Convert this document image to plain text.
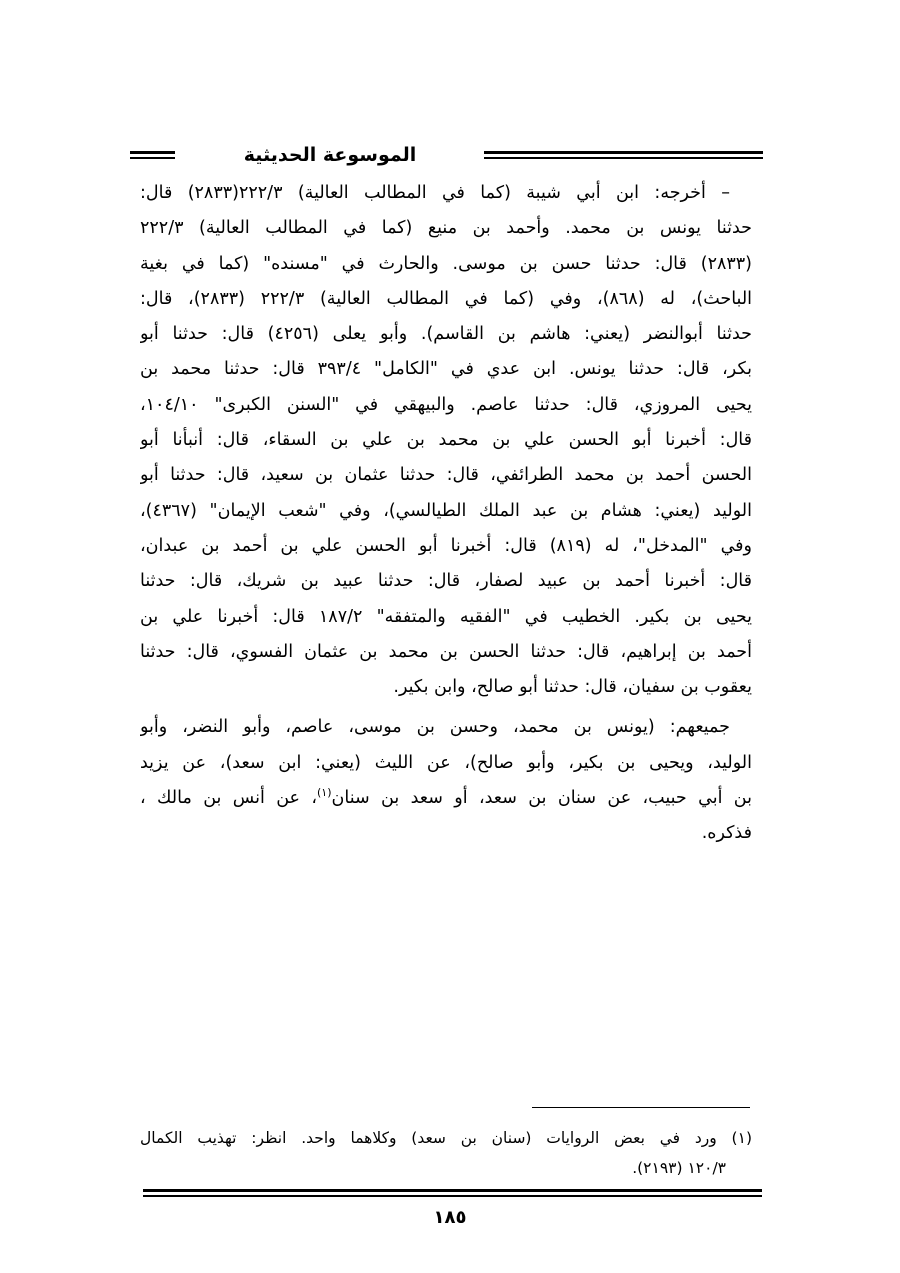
الموسوعة الحديثية
– أخرجه: ابن أبي شيبة (كما في المطالب العالية) ٢٢٢/٣(٢٨٣٣) قال:
حدثنا يونس بن محمد. وأحمد بن منيع (كما في المطالب العالية) ٢٢٢/٣
(٢٨٣٣) قال: حدثنا حسن بن موسى. والحارث في "مسنده" (كما في بغية
الباحث)، له (٨٦٨)، وفي (كما في المطالب العالية) ٢٢٢/٣ (٢٨٣٣)، قال:
حدثنا أبوالنضر (يعني: هاشم بن القاسم). وأبو يعلى (٤٢٥٦) قال: حدثنا أبو
بكر، قال: حدثنا يونس. ابن عدي في "الكامل" ٣٩٣/٤ قال: حدثنا محمد بن
يحيى المروزي، قال: حدثنا عاصم. والبيهقي في "السنن الكبرى" ١٠٤/١٠،
قال: أخبرنا أبو الحسن علي بن محمد بن علي بن السقاء، قال: أنبأنا أبو
الحسن أحمد بن محمد الطرائفي، قال: حدثنا عثمان بن سعيد، قال: حدثنا أبو
الوليد (يعني: هشام بن عبد الملك الطيالسي)، وفي "شعب الإيمان" (٤٣٦٧)،
وفي "المدخل"، له (٨١٩) قال: أخبرنا أبو الحسن علي بن أحمد بن عبدان،
قال: أخبرنا أحمد بن عبيد لصفار، قال: حدثنا عبيد بن شريك، قال: حدثنا
يحيى بن بكير. الخطيب في "الفقيه والمتفقه" ١٨٧/٢ قال: أخبرنا علي بن
أحمد بن إبراهيم، قال: حدثنا الحسن بن محمد بن عثمان الفسوي، قال: حدثنا
يعقوب بن سفيان، قال: حدثنا أبو صالح، وابن بكير.
جميعهم: (يونس بن محمد، وحسن بن موسى، عاصم، وأبو النضر، وأبو
الوليد، ويحيى بن بكير، وأبو صالح)، عن الليث (يعني: ابن سعد)، عن يزيد
بن أبي حبيب، عن سنان بن سعد، أو سعد بن سنان$^{(١)}$، عن أنس بن مالك ،
فذكره.
(١) ورد في بعض الروايات (سنان بن سعد) وكلاهما واحد. انظر: تهذيب الكمال
١٢٠/٣ (٢١٩٣).
١٨٥
